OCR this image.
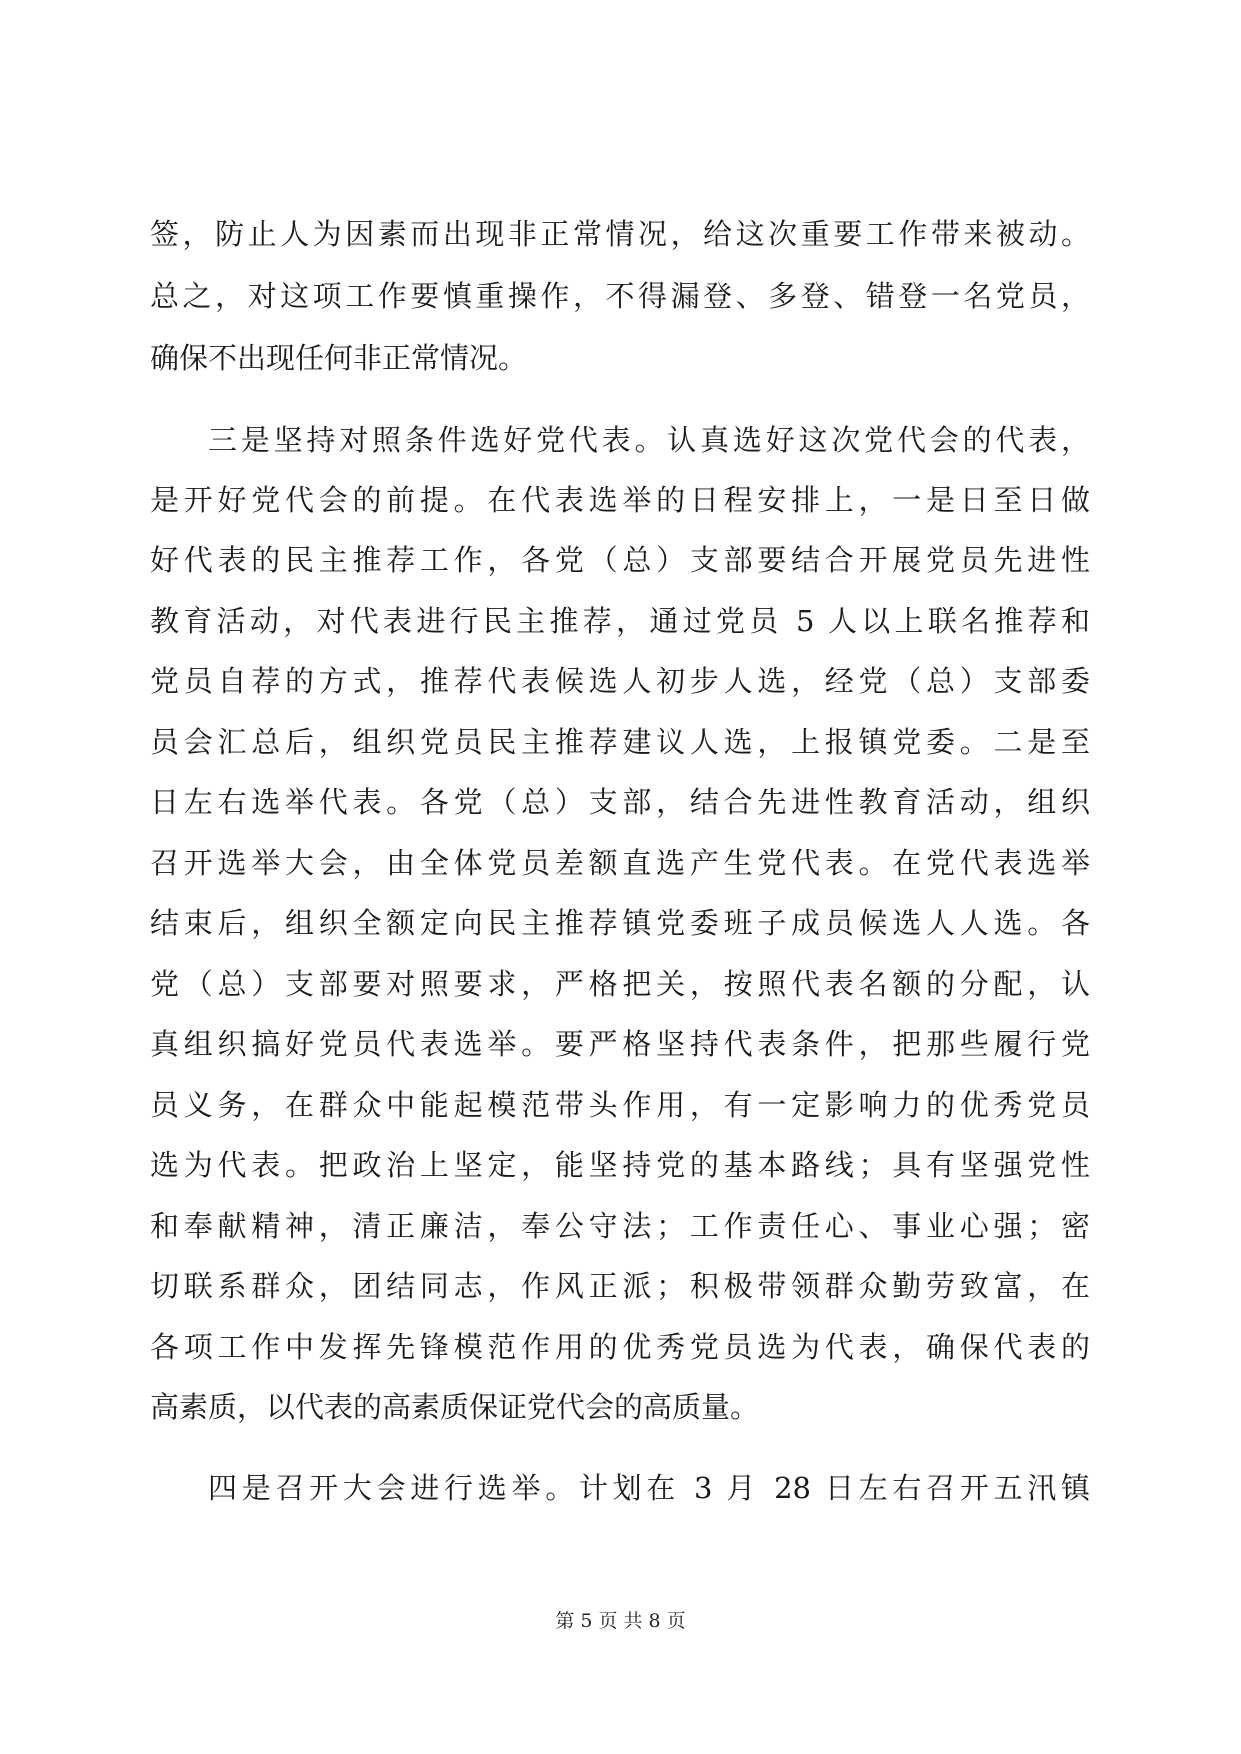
签，防止人为因素而出现非正常情况，给这次重要工作带来被动。
总之，对这项工作要慎重操作，不得漏登、多登、错登一名党员，
确保不出现任何非正常情况。
三是坚持对照条件选好党代表。认真选好这次党代会的代表，
是开好党代会的前提。在代表选举的日程安排上，一是日至日做
好代表的民主推荐工作，各党（总）支部要结合开展党员先进性
教育活动，对代表进行民主推荐，通过党员 5 人以上联名推荐和
党员自荐的方式，推荐代表候选人初步人选，经党（总）支部委
员会汇总后，组织党员民主推荐建议人选，上报镇党委。二是至
日左右选举代表。各党（总）支部，结合先进性教育活动，组织
召开选举大会，由全体党员差额直选产生党代表。在党代表选举
结束后，组织全额定向民主推荐镇党委班子成员候选人人选。各
党（总）支部要对照要求，严格把关，按照代表名额的分配，认
真组织搞好党员代表选举。要严格坚持代表条件，把那些履行党
员义务，在群众中能起模范带头作用，有一定影响力的优秀党员
选为代表。把政治上坚定，能坚持党的基本路线；具有坚强党性
和奉献精神，清正廉洁，奉公守法；工作责任心、事业心强；密
切联系群众，团结同志，作风正派；积极带领群众勤劳致富，在
各项工作中发挥先锋模范作用的优秀党员选为代表，确保代表的
高素质，以代表的高素质保证党代会的高质量。
四是召开大会进行选举。计划在 3 月 28 日左右召开五汛镇
第 5 页 共 8 页
